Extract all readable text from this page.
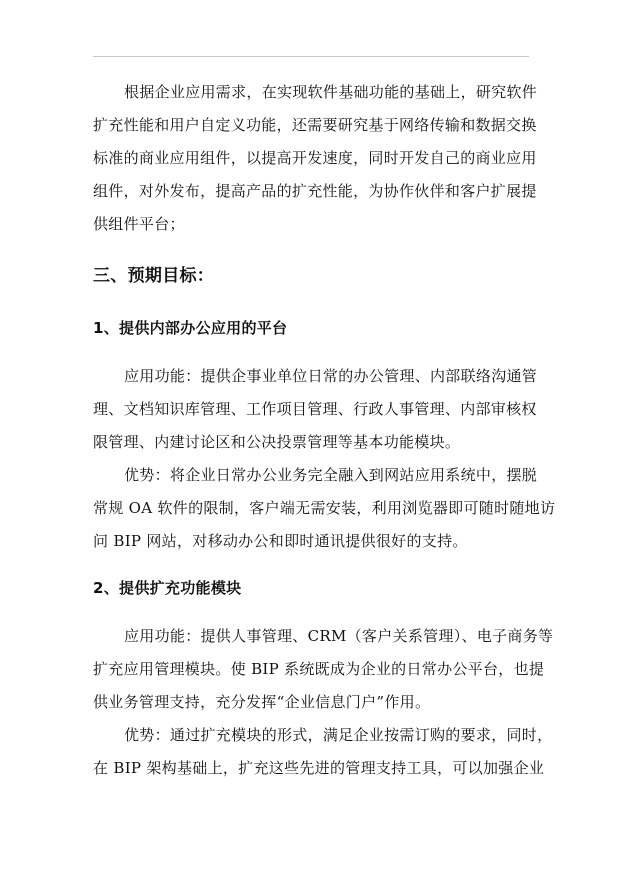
根据企业应用需求，在实现软件基础功能的基础上，研究软件
扩充性能和用户自定义功能，还需要研究基于网络传输和数据交换
标准的商业应用组件，以提高开发速度，同时开发自己的商业应用
组件，对外发布，提高产品的扩充性能，为协作伙伴和客户扩展提
供组件平台；
三、预期目标：
1、提供内部办公应用的平台
应用功能：提供企事业单位日常的办公管理、内部联络沟通管
理、文档知识库管理、工作项目管理、行政人事管理、内部审核权
限管理、内建讨论区和公决投票管理等基本功能模块。
优势：将企业日常办公业务完全融入到网站应用系统中，摆脱
常规 OA 软件的限制，客户端无需安装，利用浏览器即可随时随地访
问 BIP 网站，对移动办公和即时通讯提供很好的支持。
2、提供扩充功能模块
应用功能：提供人事管理、CRM（客户关系管理）、电子商务等
扩充应用管理模块。使 BIP 系统既成为企业的日常办公平台，也提
供业务管理支持，充分发挥“企业信息门户”作用。
优势：通过扩充模块的形式，满足企业按需订购的要求，同时，
在 BIP 架构基础上，扩充这些先进的管理支持工具，可以加强企业
